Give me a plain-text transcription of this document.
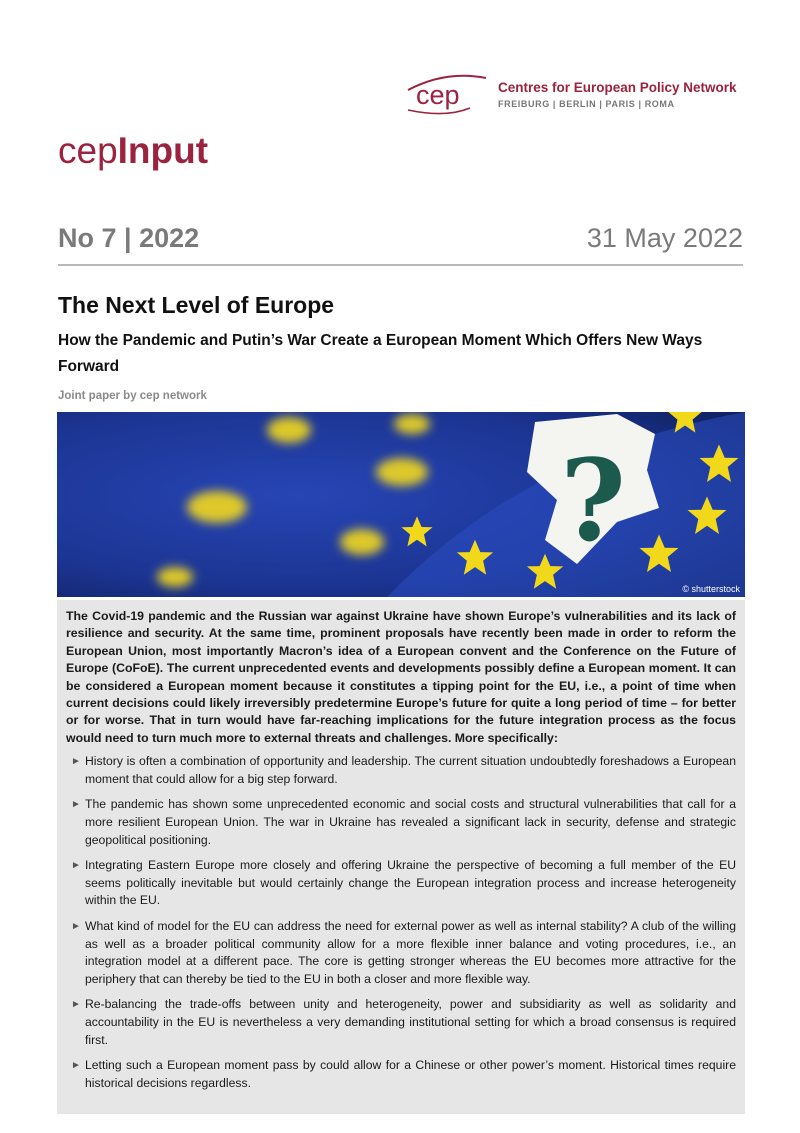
cep	Centres for European Policy Network
FREIBURG | BERLIN | PARIS | ROMA
cepInput
No 7 | 2022	31 May 2022
The Next Level of Europe
How the Pandemic and Putin’s War Create a European Moment Which Offers New Ways Forward
Joint paper by cep network
?
© shutterstock

The Covid-19 pandemic and the Russian war against Ukraine have shown Europe’s vulnerabilities and its lack of resilience and security. At the same time, prominent proposals have recently been made in order to reform the European Union, most importantly Macron’s idea of a European convent and the Conference on the Future of Europe (CoFoE). The current unprecedented events and developments possibly define a European moment. It can be considered a European moment because it constitutes a tipping point for the EU, i.e., a point of time when current decisions could likely irreversibly predetermine Europe’s future for quite a long period of time – for better or for worse. That in turn would have far-reaching implications for the future integration process as the focus would need to turn much more to external threats and challenges. More specifically:

► History is often a combination of opportunity and leadership. The current situation undoubtedly foreshadows a European moment that could allow for a big step forward.
► The pandemic has shown some unprecedented economic and social costs and structural vulnerabilities that call for a more resilient European Union. The war in Ukraine has revealed a significant lack in security, defense and strategic geopolitical positioning.
► Integrating Eastern Europe more closely and offering Ukraine the perspective of becoming a full member of the EU seems politically inevitable but would certainly change the European integration process and increase heterogeneity within the EU.
► What kind of model for the EU can address the need for external power as well as internal stability? A club of the willing as well as a broader political community allow for a more flexible inner balance and voting procedures, i.e., an integration model at a different pace. The core is getting stronger whereas the EU becomes more attractive for the periphery that can thereby be tied to the EU in both a closer and more flexible way.
► Re-balancing the trade-offs between unity and heterogeneity, power and subsidiarity as well as solidarity and accountability in the EU is nevertheless a very demanding institutional setting for which a broad consensus is required first.
► Letting such a European moment pass by could allow for a Chinese or other power’s moment. Historical times require historical decisions regardless.
